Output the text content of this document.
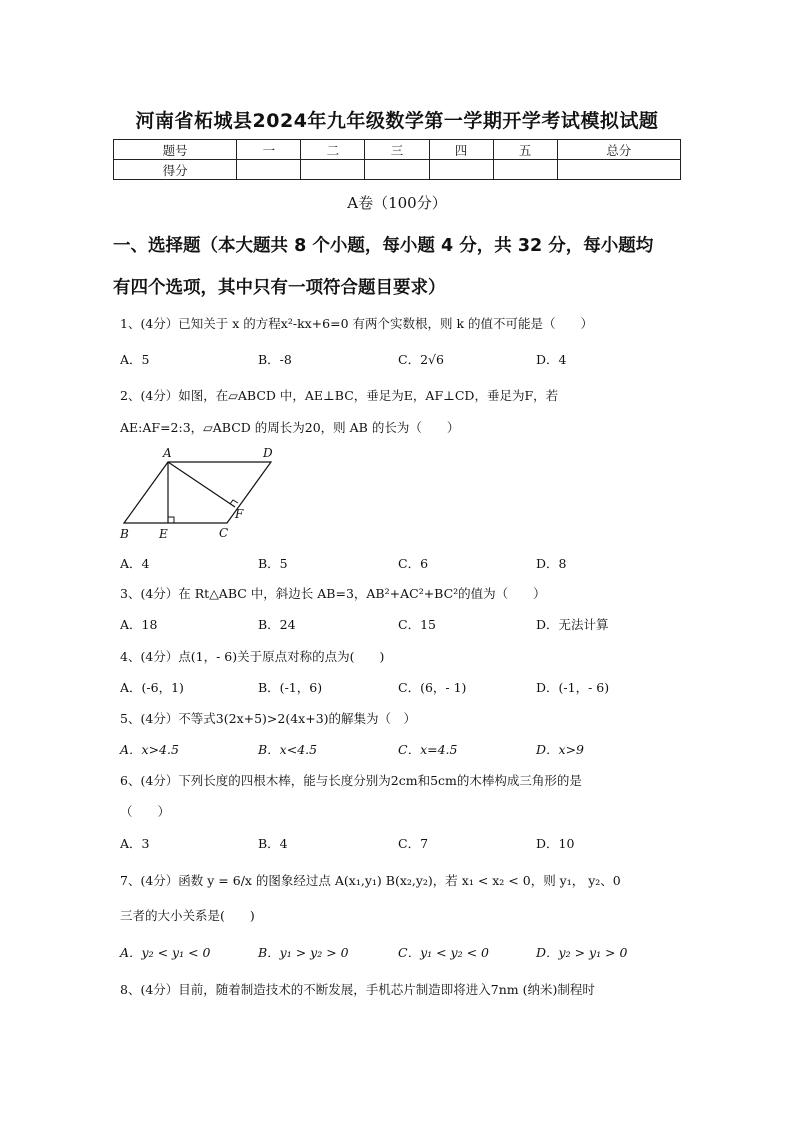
河南省柘城县2024年九年级数学第一学期开学考试模拟试题
题号	一	二	三	四	五	总分
得分						
A卷（100分）
一、选择题（本大题共 8 个小题，每小题 4 分，共 32 分，每小题均
有四个选项，其中只有一项符合题目要求）
1、(4分）已知关于 x 的方程x²-kx+6=0 有两个实数根，则 k 的值不可能是（　　）
A．5	B．-8	C．2√6	D．4
2、(4分）如图，在▱ABCD 中，AE⊥BC，垂足为E，AF⊥CD，垂足为F，若
AE:AF=2:3，▱ABCD 的周长为20，则 AB 的长为（　　）
A	D
B	E	C
F
A．4	B．5	C．6	D．8
3、(4分）在 Rt△ABC 中，斜边长 AB=3，AB²+AC²+BC²的值为（　　）
A．18	B．24	C．15	D．无法计算
4、(4分）点(1，- 6)关于原点对称的点为(　　)
A．(-6，1)	B．(-1，6)	C．(6，- 1)	D．(-1，- 6)
5、(4分）不等式3(2x+5)>2(4x+3)的解集为（　）
A．x>4.5	B．x<4.5	C．x=4.5	D．x>9
6、(4分）下列长度的四根木棒，能与长度分别为2cm和5cm的木棒构成三角形的是
（　　）
A．3	B．4	C．7	D．10
7、(4分）函数 y = 6/x 的图象经过点 A(x₁,y₁) B(x₂,y₂)，若 x₁ < x₂ < 0，则 y₁， y₂、0
三者的大小关系是(　　)
A．y₂ < y₁ < 0	B．y₁ > y₂ > 0	C．y₁ < y₂ < 0	D．y₂ > y₁ > 0
8、(4分）目前，随着制造技术的不断发展，手机芯片制造即将进入7nm (纳米)制程时
